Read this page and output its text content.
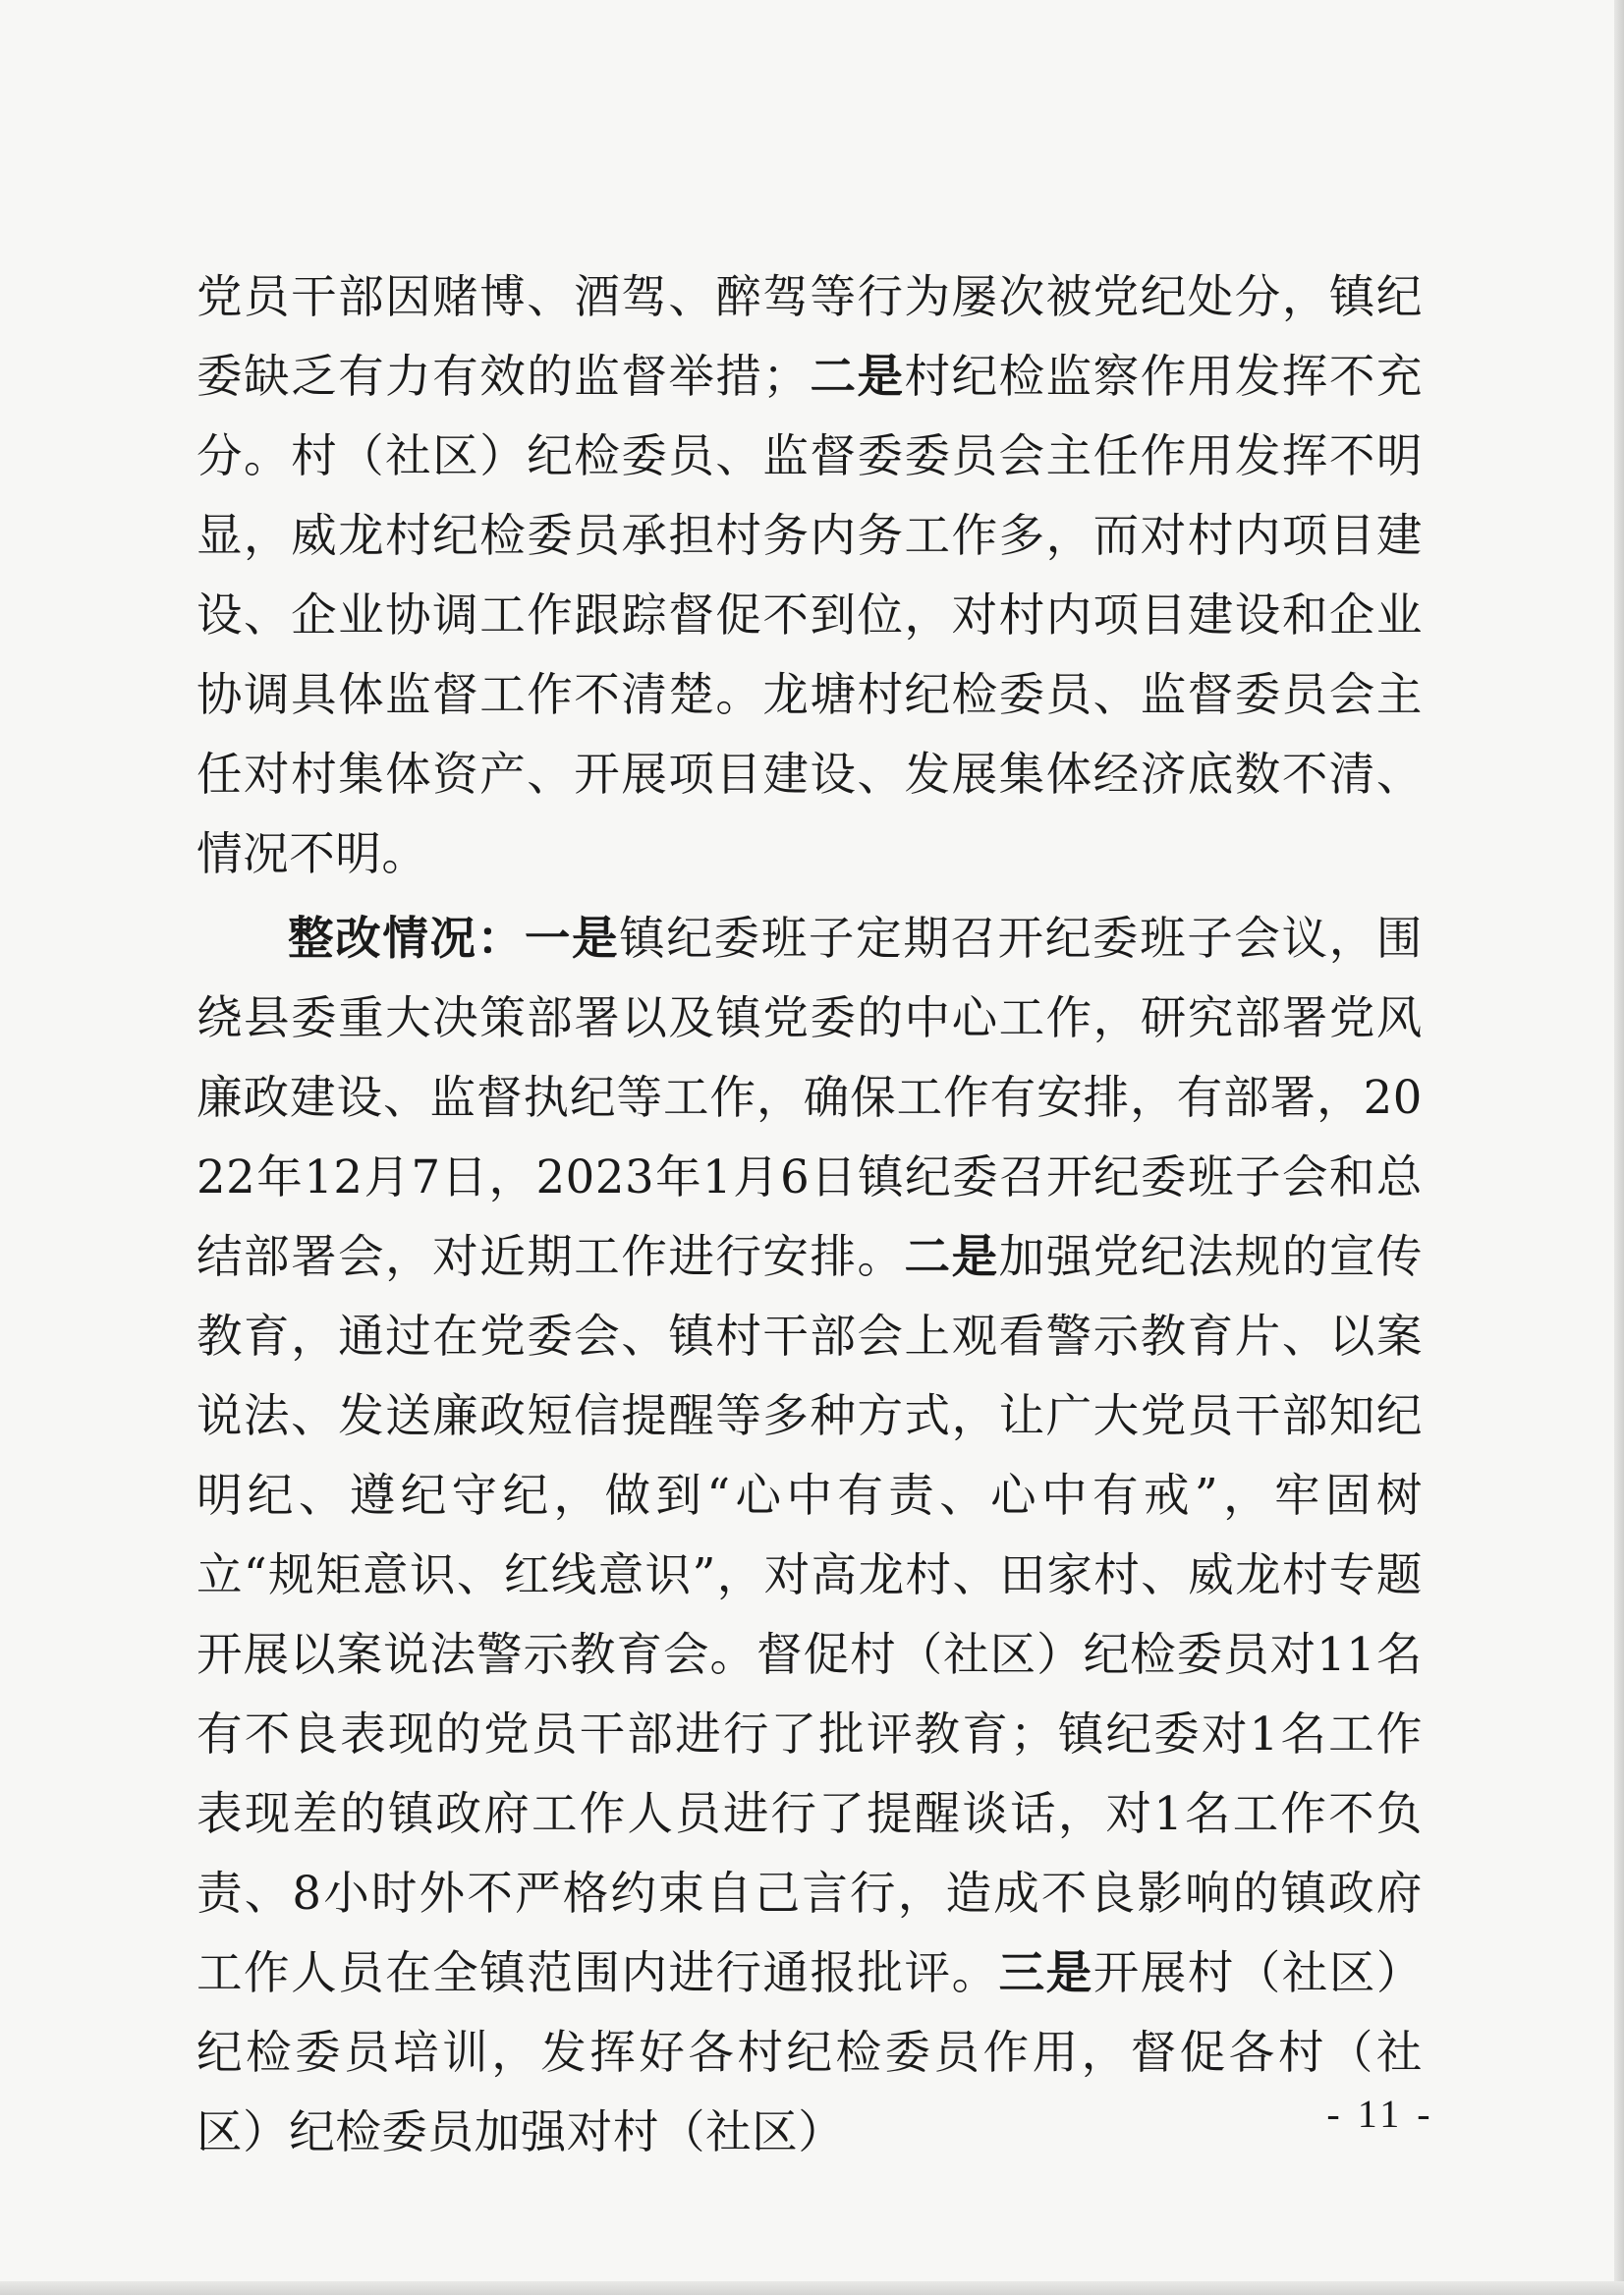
党员干部因赌博、酒驾、醉驾等行为屡次被党纪处分，镇纪委缺乏有力有效的监督举措；二是村纪检监察作用发挥不充分。村（社区）纪检委员、监督委委员会主任作用发挥不明显，威龙村纪检委员承担村务内务工作多，而对村内项目建设、企业协调工作跟踪督促不到位，对村内项目建设和企业协调具体监督工作不清楚。龙塘村纪检委员、监督委员会主任对村集体资产、开展项目建设、发展集体经济底数不清、情况不明。

整改情况：一是镇纪委班子定期召开纪委班子会议，围绕县委重大决策部署以及镇党委的中心工作，研究部署党风廉政建设、监督执纪等工作，确保工作有安排，有部署，2022年12月7日，2023年1月6日镇纪委召开纪委班子会和总结部署会，对近期工作进行安排。二是加强党纪法规的宣传教育，通过在党委会、镇村干部会上观看警示教育片、以案说法、发送廉政短信提醒等多种方式，让广大党员干部知纪明纪、遵纪守纪，做到“心中有责、心中有戒”，牢固树立“规矩意识、红线意识”，对高龙村、田家村、威龙村专题开展以案说法警示教育会。督促村（社区）纪检委员对11名有不良表现的党员干部进行了批评教育；镇纪委对1名工作表现差的镇政府工作人员进行了提醒谈话，对1名工作不负责、8小时外不严格约束自己言行，造成不良影响的镇政府工作人员在全镇范围内进行通报批评。三是开展村（社区）纪检委员培训，发挥好各村纪检委员作用，督促各村（社区）纪检委员加强对村（社区）	- 11 -
